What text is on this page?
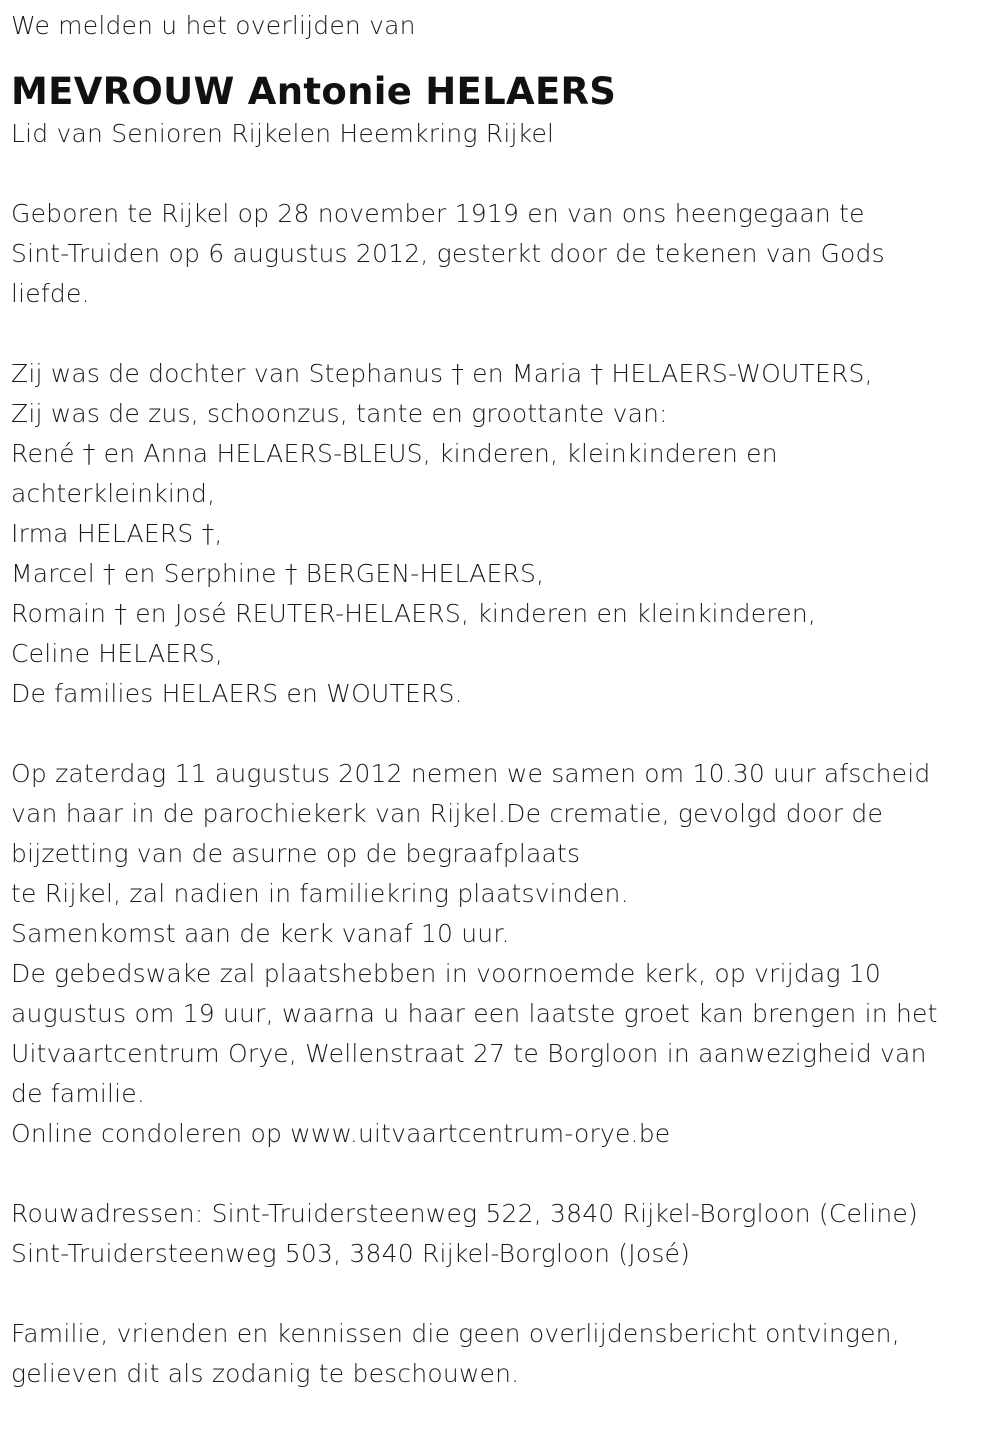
We melden u het overlijden van

MEVROUW Antonie HELAERS
Lid van Senioren Rijkelen Heemkring Rijkel
Geboren te Rijkel op 28 november 1919 en van ons heengegaan te
Sint-Truiden op 6 augustus 2012, gesterkt door de tekenen van Gods
liefde.
Zij was de dochter van Stephanus † en Maria † HELAERS-WOUTERS,
Zij was de zus, schoonzus, tante en groottante van:
René † en Anna HELAERS-BLEUS, kinderen, kleinkinderen en
achterkleinkind,
Irma HELAERS †,
Marcel † en Serphine † BERGEN-HELAERS,
Romain † en José REUTER-HELAERS, kinderen en kleinkinderen,
Celine HELAERS,
De families HELAERS en WOUTERS.
Op zaterdag 11 augustus 2012 nemen we samen om 10.30 uur afscheid
van haar in de parochiekerk van Rijkel.De crematie, gevolgd door de
bijzetting van de asurne op de begraafplaats
te Rijkel, zal nadien in familiekring plaatsvinden.
Samenkomst aan de kerk vanaf 10 uur.
De gebedswake zal plaatshebben in voornoemde kerk, op vrijdag 10
augustus om 19 uur, waarna u haar een laatste groet kan brengen in het
Uitvaartcentrum Orye, Wellenstraat 27 te Borgloon in aanwezigheid van
de familie.
Online condoleren op www.uitvaartcentrum-orye.be
Rouwadressen: Sint-Truidersteenweg 522, 3840 Rijkel-Borgloon (Celine)
Sint-Truidersteenweg 503, 3840 Rijkel-Borgloon (José)
Familie, vrienden en kennissen die geen overlijdensbericht ontvingen,
gelieven dit als zodanig te beschouwen.
